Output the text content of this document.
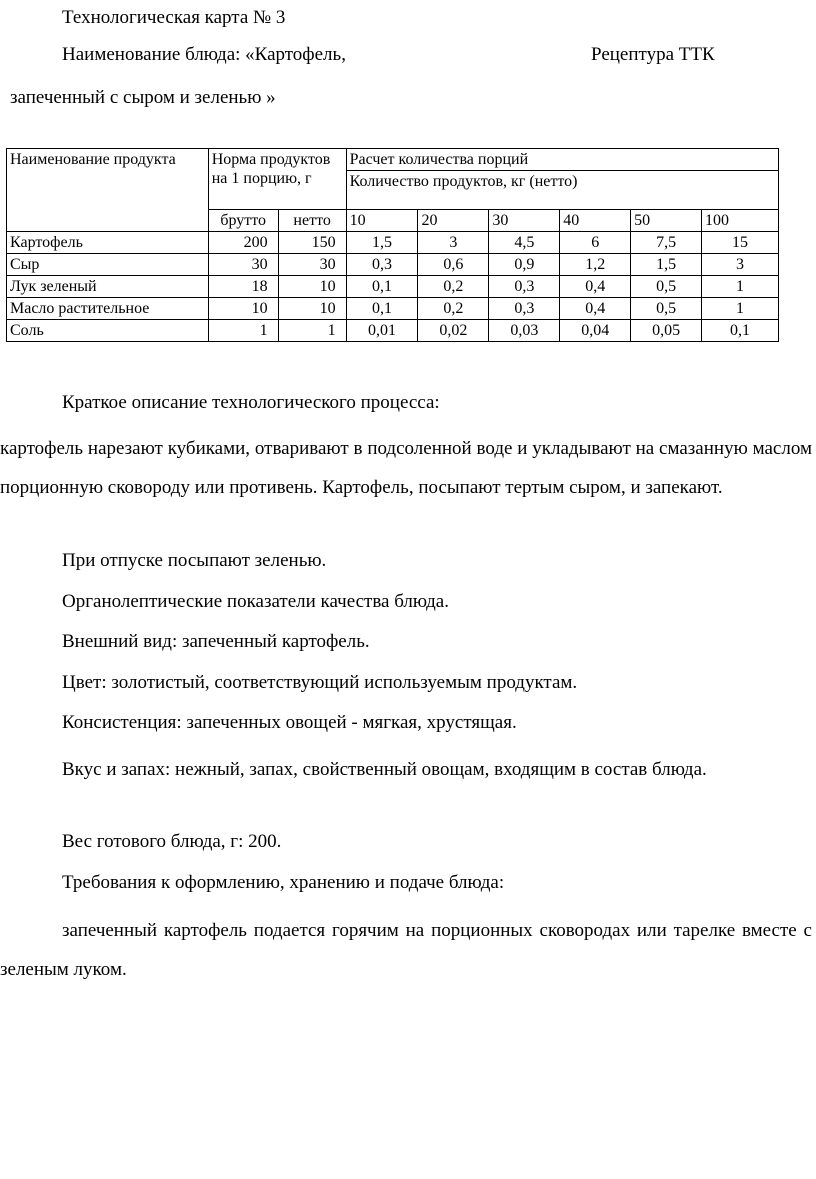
Технологическая карта № 3
Наименование блюда: «Картофель,	Рецептура ТТК
запеченный с сыром и зеленью »
Наименование продукта	Норма продуктов на 1 порцию, г		Расчет количества порций					
			Количество продуктов, кг (нетто)					
	брутто	нетто	10	20	30	40	50	100
Картофель	200	150	1,5	3	4,5	6	7,5	15
Сыр	30	30	0,3	0,6	0,9	1,2	1,5	3
Лук зеленый	18	10	0,1	0,2	0,3	0,4	0,5	1
Масло растительное	10	10	0,1	0,2	0,3	0,4	0,5	1
Соль	1	1	0,01	0,02	0,03	0,04	0,05	0,1
Краткое описание технологического процесса:
картофель нарезают кубиками, отваривают в подсоленной воде и укладывают на смазанную маслом порционную сковороду или противень. Картофель, посыпают тертым сыром, и запекают.
При отпуске посыпают зеленью.
Органолептические показатели качества блюда.
Внешний вид: запеченный картофель.
Цвет: золотистый, соответствующий используемым продуктам.
Консистенция: запеченных овощей - мягкая, хрустящая.
Вкус и запах: нежный, запах, свойственный овощам, входящим в состав блюда.
Вес готового блюда, г: 200.
Требования к оформлению, хранению и подаче блюда:
запеченный картофель подается горячим на порционных сковородах или тарелке вместе с зеленым луком.
